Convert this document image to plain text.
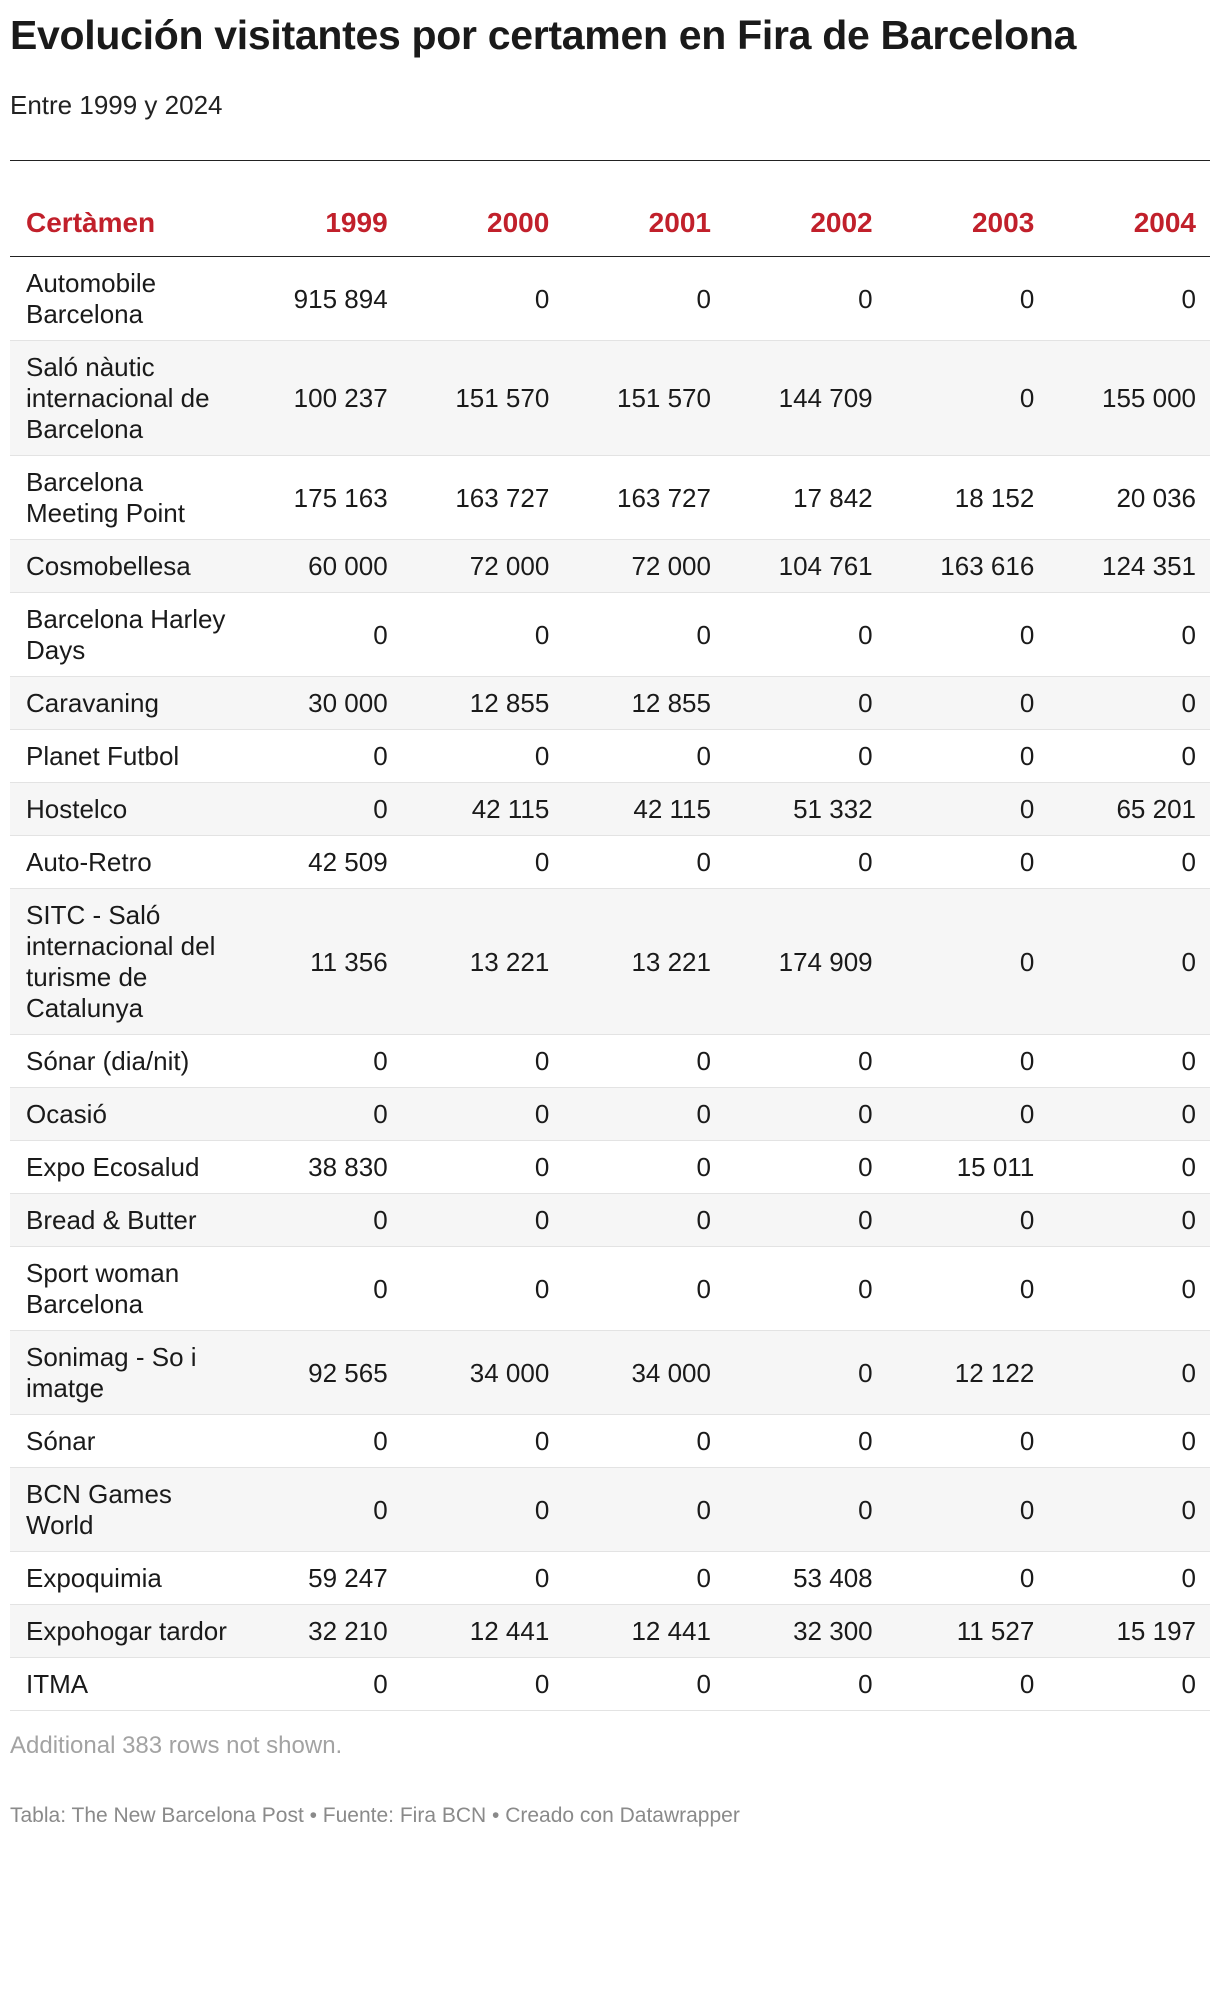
Evolución visitantes por certamen en Fira de Barcelona
Entre 1999 y 2024
Certàmen	1999	2000	2001	2002	2003	2004
Automobile Barcelona	915 894	0	0	0	0	0
Saló nàutic internacional de Barcelona	100 237	151 570	151 570	144 709	0	155 000
Barcelona Meeting Point	175 163	163 727	163 727	17 842	18 152	20 036
Cosmobellesa	60 000	72 000	72 000	104 761	163 616	124 351
Barcelona Harley Days	0	0	0	0	0	0
Caravaning	30 000	12 855	12 855	0	0	0
Planet Futbol	0	0	0	0	0	0
Hostelco	0	42 115	42 115	51 332	0	65 201
Auto-Retro	42 509	0	0	0	0	0
SITC - Saló internacional del turisme de Catalunya	11 356	13 221	13 221	174 909	0	0
Sónar (dia/nit)	0	0	0	0	0	0
Ocasió	0	0	0	0	0	0
Expo Ecosalud	38 830	0	0	0	15 011	0
Bread & Butter	0	0	0	0	0	0
Sport woman Barcelona	0	0	0	0	0	0
Sonimag - So i imatge	92 565	34 000	34 000	0	12 122	0
Sónar	0	0	0	0	0	0
BCN Games World	0	0	0	0	0	0
Expoquimia	59 247	0	0	53 408	0	0
Expohogar tardor	32 210	12 441	12 441	32 300	11 527	15 197
ITMA	0	0	0	0	0	0
Additional 383 rows not shown.
Tabla: The New Barcelona Post • Fuente: Fira BCN • Creado con Datawrapper
